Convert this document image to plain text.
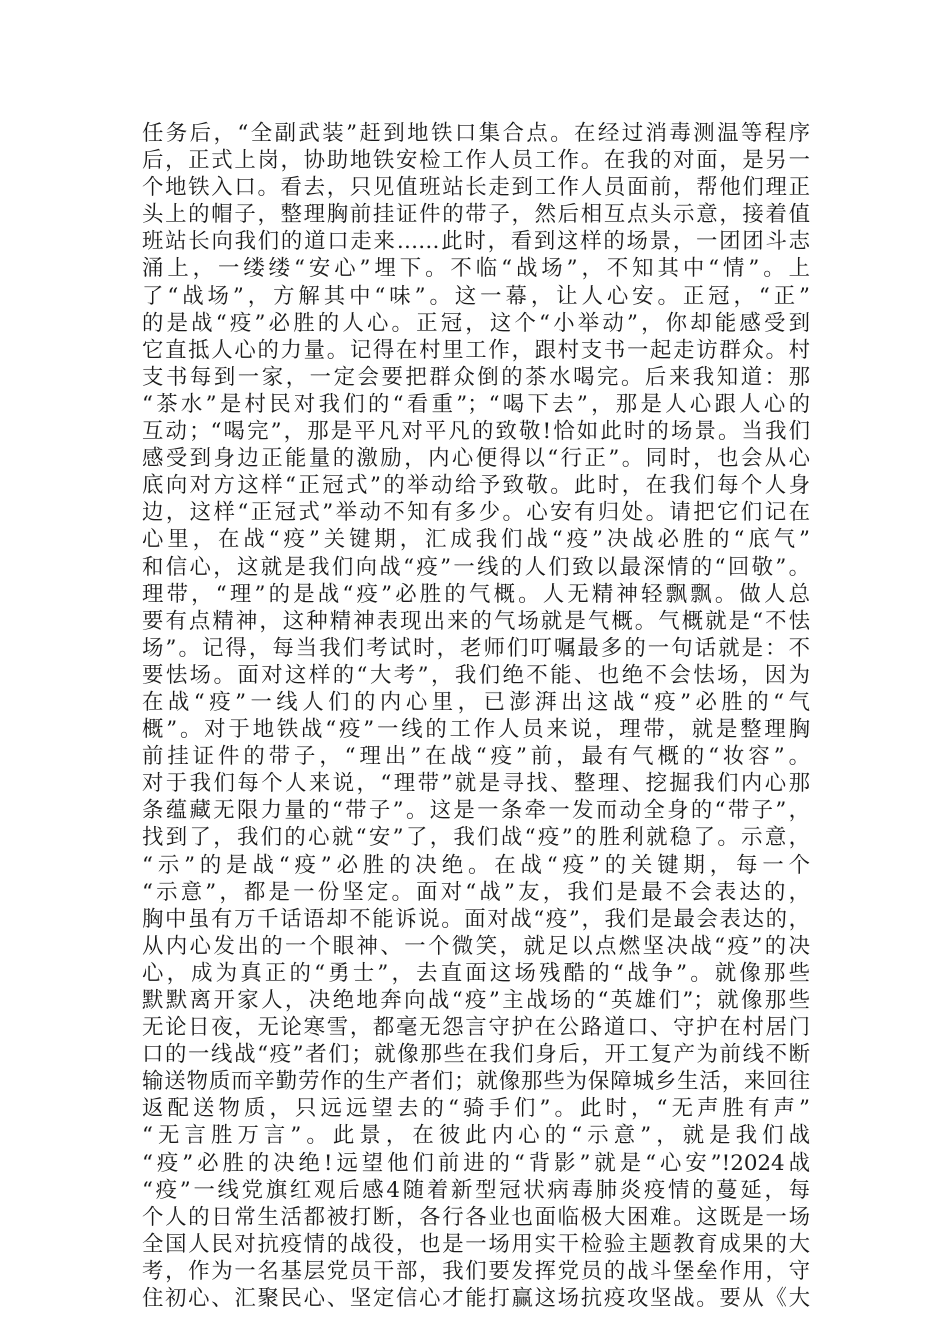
任务后，“全副武装”赶到地铁口集合点。在经过消毒测温等程序
后，正式上岗，协助地铁安检工作人员工作。在我的对面，是另一
个地铁入口。看去，只见值班站长走到工作人员面前，帮他们理正
头上的帽子，整理胸前挂证件的带子，然后相互点头示意，接着值
班站长向我们的道口走来……此时，看到这样的场景，一团团斗志
涌上，一缕缕“安心”埋下。不临“战场”，不知其中“情”。上
了“战场”，方解其中“味”。这一幕，让人心安。正冠，“正”
的是战“疫”必胜的人心。正冠，这个“小举动”，你却能感受到
它直抵人心的力量。记得在村里工作，跟村支书一起走访群众。村
支书每到一家，一定会要把群众倒的茶水喝完。后来我知道：那
“茶水”是村民对我们的“看重”；“喝下去”，那是人心跟人心的
互动；“喝完”，那是平凡对平凡的致敬!恰如此时的场景。当我们
感受到身边正能量的激励，内心便得以“行正”。同时，也会从心
底向对方这样“正冠式”的举动给予致敬。此时，在我们每个人身
边，这样“正冠式”举动不知有多少。心安有归处。请把它们记在
心里，在战“疫”关键期，汇成我们战“疫”决战必胜的“底气”
和信心，这就是我们向战“疫”一线的人们致以最深情的“回敬”。
理带，“理”的是战“疫”必胜的气概。人无精神轻飘飘。做人总
要有点精神，这种精神表现出来的气场就是气概。气概就是“不怯
场”。记得，每当我们考试时，老师们叮嘱最多的一句话就是：不
要怯场。面对这样的“大考”，我们绝不能、也绝不会怯场，因为
在战“疫”一线人们的内心里，已澎湃出这战“疫”必胜的“气
概”。对于地铁战“疫”一线的工作人员来说，理带，就是整理胸
前挂证件的带子，“理出”在战“疫”前，最有气概的“妆容”。
对于我们每个人来说，“理带”就是寻找、整理、挖掘我们内心那
条蕴藏无限力量的“带子”。这是一条牵一发而动全身的“带子”，
找到了，我们的心就“安”了，我们战“疫”的胜利就稳了。示意，
“示”的是战“疫”必胜的决绝。在战“疫”的关键期，每一个
“示意”，都是一份坚定。面对“战”友，我们是最不会表达的，
胸中虽有万千话语却不能诉说。面对战“疫”，我们是最会表达的，
从内心发出的一个眼神、一个微笑，就足以点燃坚决战“疫”的决
心，成为真正的“勇士”，去直面这场残酷的“战争”。就像那些
默默离开家人，决绝地奔向战“疫”主战场的“英雄们”；就像那些
无论日夜，无论寒雪，都毫无怨言守护在公路道口、守护在村居门
口的一线战“疫”者们；就像那些在我们身后，开工复产为前线不断
输送物质而辛勤劳作的生产者们；就像那些为保障城乡生活，来回往
返配送物质，只远远望去的“骑手们”。此时，“无声胜有声”
“无言胜万言”。此景，在彼此内心的“示意”，就是我们战
“疫”必胜的决绝!远望他们前进的“背影”就是“心安”!2024战
“疫”一线党旗红观后感4随着新型冠状病毒肺炎疫情的蔓延，每
个人的日常生活都被打断，各行各业也面临极大困难。这既是一场
全国人民对抗疫情的战役，也是一场用实干检验主题教育成果的大
考，作为一名基层党员干部，我们要发挥党员的战斗堡垒作用，守
住初心、汇聚民心、坚定信心才能打赢这场抗疫攻坚战。要从《大
